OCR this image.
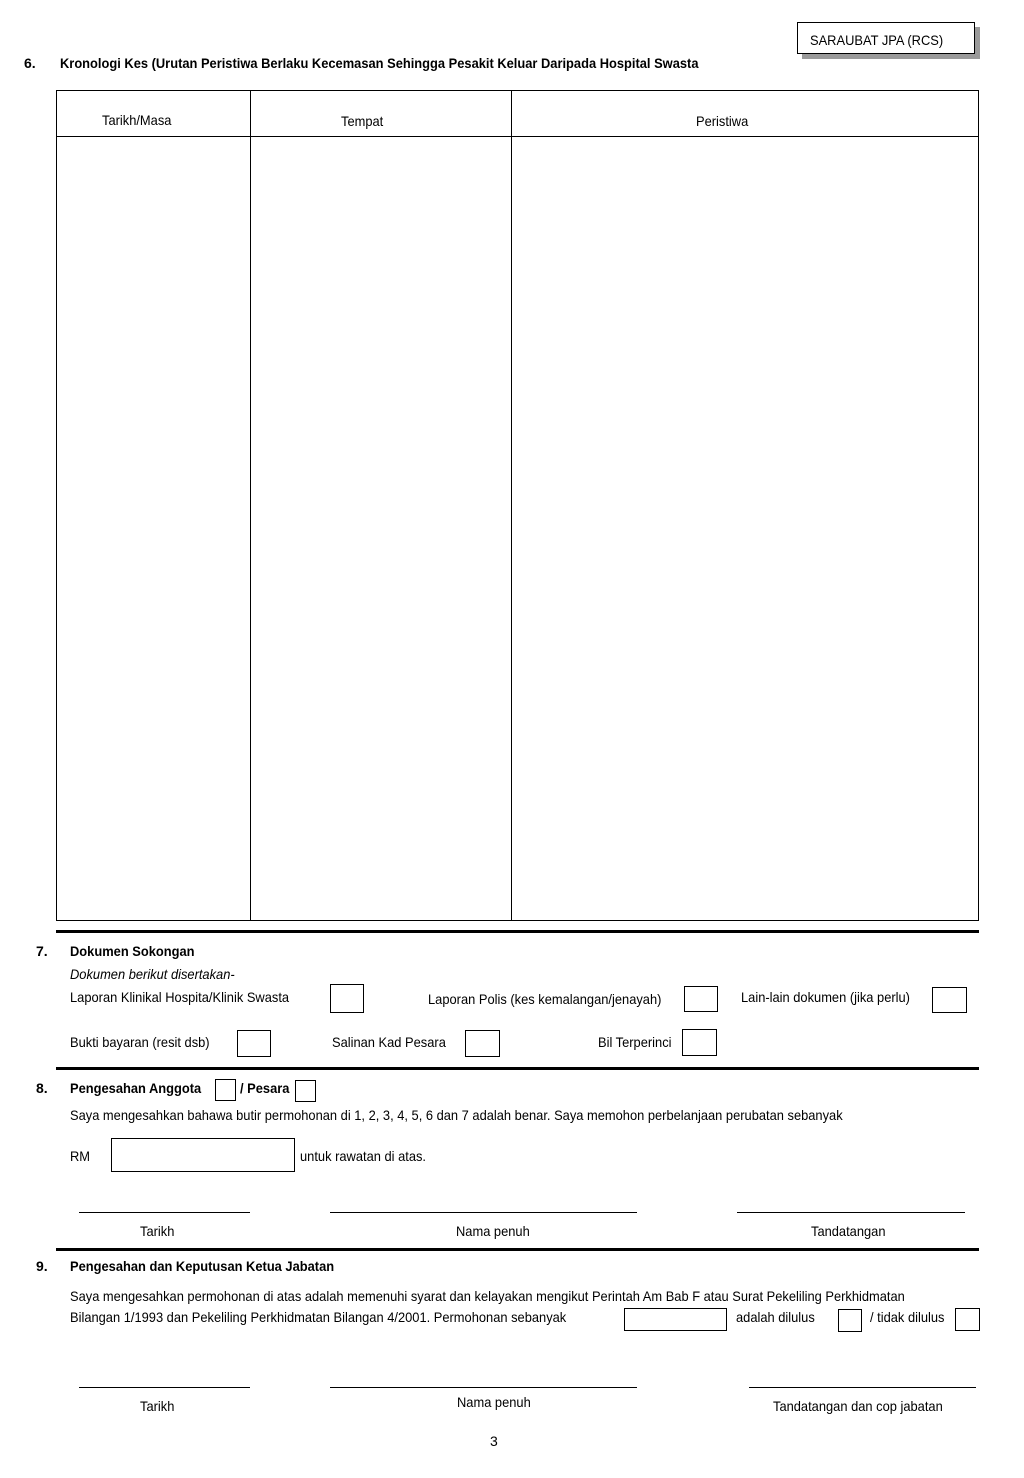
SARAUBAT JPA (RCS)
6. Kronologi Kes (Urutan Peristiwa Berlaku Kecemasan Sehingga Pesakit Keluar Daripada Hospital Swasta
Tarikh/Masa	Tempat	Peristiwa
7. Dokumen Sokongan
Dokumen berikut disertakan-
Laporan Klinikal Hospita/Klinik Swasta	Laporan Polis (kes kemalangan/jenayah)	Lain-lain dokumen (jika perlu)
Bukti bayaran (resit dsb)	Salinan Kad Pesara	Bil Terperinci
8. Pengesahan Anggota	/ Pesara
Saya mengesahkan bahawa butir permohonan di 1, 2, 3, 4, 5, 6 dan 7 adalah benar. Saya memohon perbelanjaan perubatan sebanyak
RM	untuk rawatan di atas.
Tarikh	Nama penuh	Tandatangan
9. Pengesahan dan Keputusan Ketua Jabatan
Saya mengesahkan permohonan di atas adalah memenuhi syarat dan kelayakan mengikut Perintah Am Bab F atau Surat Pekeliling Perkhidmatan
Bilangan 1/1993 dan Pekeliling Perkhidmatan Bilangan 4/2001. Permohonan sebanyak	adalah dilulus	/ tidak dilulus
Tarikh	Nama penuh	Tandatangan dan cop jabatan
3
